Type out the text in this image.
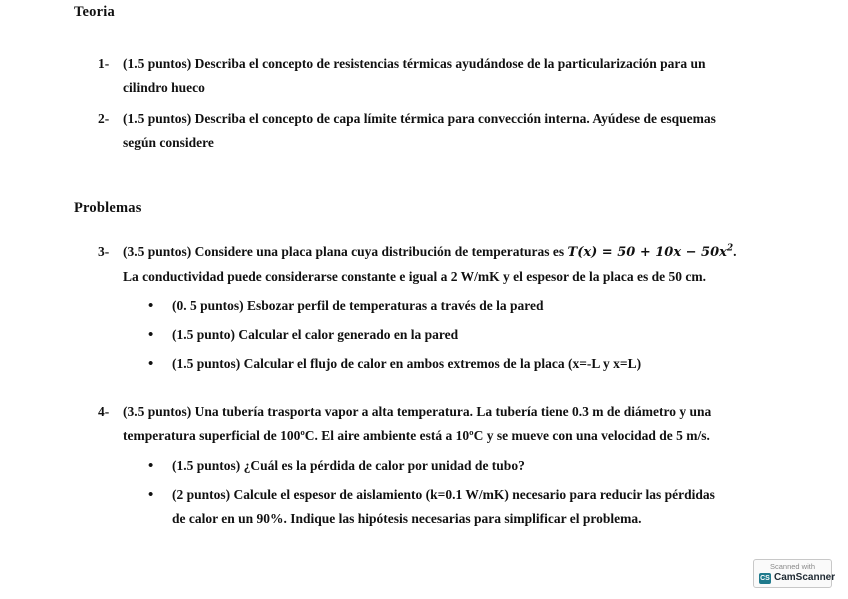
Teoria
1- (1.5 puntos) Describa el concepto de resistencias térmicas ayudándose de la particularización para un
cilindro hueco
2- (1.5 puntos) Describa el concepto de capa límite térmica para convección interna. Ayúdese de esquemas
según considere
Problemas
3- (3.5 puntos) Considere una placa plana cuya distribución de temperaturas es $T(x) = 50 + 10x - 50x^2$.
La conductividad puede considerarse constante e igual a 2 W/mK y el espesor de la placa es de 50 cm.
• (0. 5 puntos) Esbozar perfil de temperaturas a través de la pared
• (1.5 punto) Calcular el calor generado en la pared
• (1.5 puntos) Calcular el flujo de calor en ambos extremos de la placa (x=-L y x=L)
4- (3.5 puntos) Una tubería trasporta vapor a alta temperatura. La tubería tiene 0.3 m de diámetro y una
temperatura superficial de 100ºC. El aire ambiente está a 10ºC y se mueve con una velocidad de 5 m/s.
• (1.5 puntos) ¿Cuál es la pérdida de calor por unidad de tubo?
• (2 puntos) Calcule el espesor de aislamiento (k=0.1 W/mK) necesario para reducir las pérdidas
de calor en un 90%. Indique las hipótesis necesarias para simplificar el problema.
Scanned with
CS CamScanner
